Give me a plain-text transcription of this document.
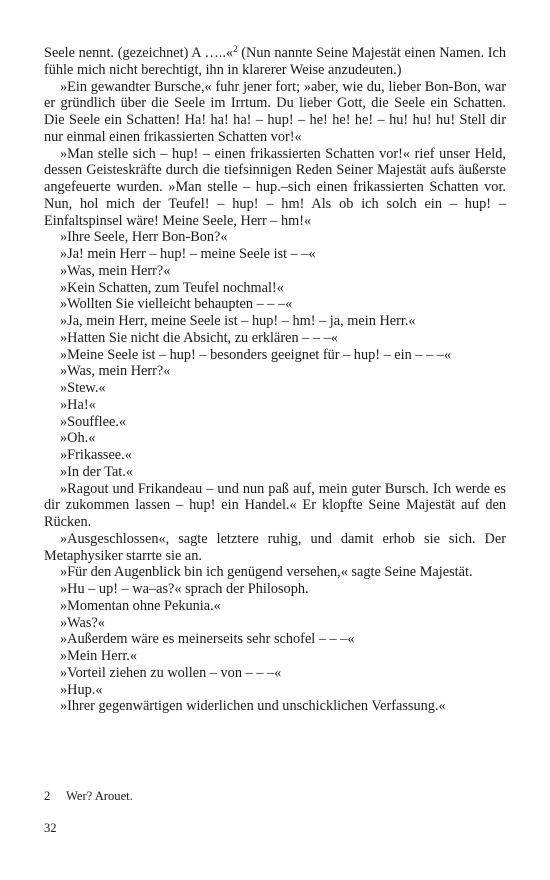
Seele nennt. (gezeichnet) A …..«$^2$ (Nun nannte Seine Majestät einen Namen. Ich fühle mich nicht berechtigt, ihn in klarerer Weise anzudeuten.)

»Ein gewandter Bursche,« fuhr jener fort; »aber, wie du, lieber Bon-Bon, war er gründlich über die Seele im Irrtum. Du lieber Gott, die Seele ein Schatten. Die Seele ein Schatten! Ha! ha! ha! – hup! – he! he! he! – hu! hu! hu! Stell dir nur einmal einen frikassierten Schatten vor!«

»Man stelle sich – hup! – einen frikassierten Schatten vor!« rief unser Held, dessen Geisteskräfte durch die tiefsinnigen Reden Seiner Majestät aufs äußerste angefeuerte wurden. »Man stelle – hup.–sich einen frikassierten Schatten vor. Nun, hol mich der Teufel! – hup! – hm! Als ob ich solch ein – hup! – Einfaltspinsel wäre! Meine Seele, Herr – hm!«

»Ihre Seele, Herr Bon-Bon?«

»Ja! mein Herr – hup! – meine Seele ist – –«

»Was, mein Herr?«

»Kein Schatten, zum Teufel nochmal!«

»Wollten Sie vielleicht behaupten – – –«

»Ja, mein Herr, meine Seele ist – hup! – hm! – ja, mein Herr.«

»Hatten Sie nicht die Absicht, zu erklären – – –«

»Meine Seele ist – hup! – besonders geeignet für – hup! – ein – – –«

»Was, mein Herr?«

»Stew.«

»Ha!«

»Soufflee.«

»Oh.«

»Frikassee.«

»In der Tat.«

»Ragout und Frikandeau – und nun paß auf, mein guter Bursch. Ich werde es dir zukommen lassen – hup! ein Handel.« Er klopfte Seine Majestät auf den Rücken.

»Ausgeschlossen«, sagte letztere ruhig, und damit erhob sie sich. Der Metaphysiker starrte sie an.

»Für den Augenblick bin ich genügend versehen,« sagte Seine Majestät.

»Hu – up! – wa–as?« sprach der Philosoph.

»Momentan ohne Pekunia.«

»Was?«

»Außerdem wäre es meinerseits sehr schofel – – –«

»Mein Herr.«

»Vorteil ziehen zu wollen – von – – –«

»Hup.«

»Ihrer gegenwärtigen widerlichen und unschicklichen Verfassung.«

2 Wer? Arouet.
32
